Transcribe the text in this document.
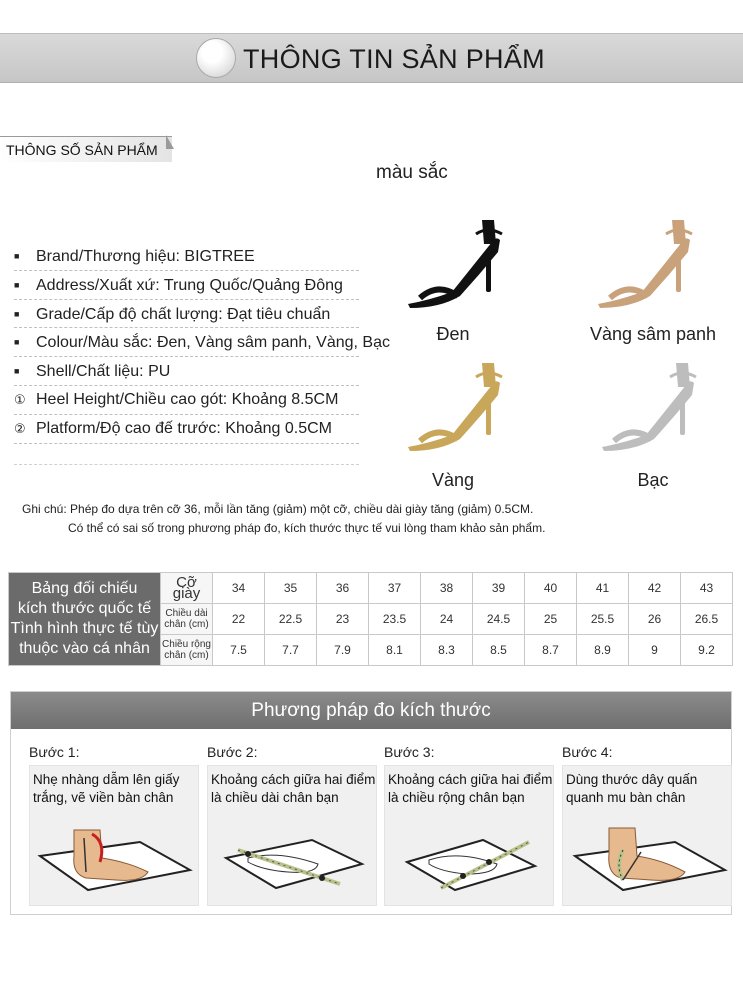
THÔNG TIN SẢN PHẨM
THÔNG SỐ SẢN PHẨM
■ Brand/Thương hiệu: BIGTREE
■ Address/Xuất xứ: Trung Quốc/Quảng Đông
■ Grade/Cấp độ chất lượng: Đạt tiêu chuẩn
■ Colour/Màu sắc: Đen, Vàng sâm panh, Vàng, Bạc
■ Shell/Chất liệu: PU
① Heel Height/Chiều cao gót: Khoảng 8.5CM
② Platform/Độ cao đế trước: Khoảng 0.5CM
màu sắc
Đen	Vàng sâm panh
Vàng	Bạc
Ghi chú: Phép đo dựa trên cỡ 36, mỗi lần tăng (giảm) một cỡ, chiều dài giày tăng (giảm) 0.5CM.
Có thể có sai số trong phương pháp đo, kích thước thực tế vui lòng tham khảo sản phẩm.
Bảng đối chiếu
kích thước quốc tế
Tình hình thực tế tùy
thuộc vào cá nhân	Cỡ giày	34	35	36	37	38	39	40	41	42	43
	Chiều dài chân (cm)	22	22.5	23	23.5	24	24.5	25	25.5	26	26.5
	Chiều rộng chân (cm)	7.5	7.7	7.9	8.1	8.3	8.5	8.7	8.9	9	9.2
Phương pháp đo kích thước
Bước 1:
Nhẹ nhàng dẫm lên giấy
trắng, vẽ viền bàn chân
Bước 2:
Khoảng cách giữa hai điểm
là chiều dài chân bạn
Bước 3:
Khoảng cách giữa hai điểm
là chiều rộng chân bạn
Bước 4:
Dùng thước dây quấn
quanh mu bàn chân
